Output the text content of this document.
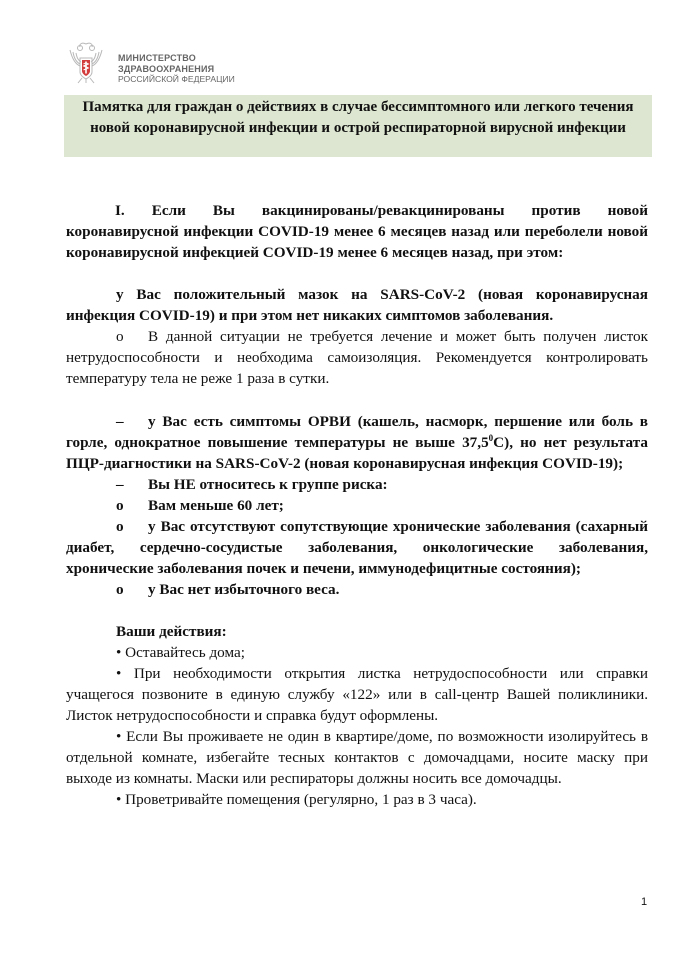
МИНИСТЕРСТВО
ЗДРАВООХРАНЕНИЯ
РОССИЙСКОЙ ФЕДЕРАЦИИ

Памятка для граждан о действиях в случае бессимптомного или легкого течения новой коронавирусной инфекции и острой респираторной вирусной инфекции

I. Если Вы вакцинированы/ревакцинированы против новой коронавирусной инфекции COVID-19 менее 6 месяцев назад или переболели новой коронавирусной инфекцией COVID-19 менее 6 месяцев назад, при этом:

у Вас положительный мазок на SARS-CoV-2 (новая коронавирусная инфекция COVID-19) и при этом нет никаких симптомов заболевания.

o В данной ситуации не требуется лечение и может быть получен листок нетрудоспособности и необходима самоизоляция. Рекомендуется контролировать температуру тела не реже 1 раза в сутки.

– у Вас есть симптомы ОРВИ (кашель, насморк, першение или боль в горле, однократное повышение температуры не выше 37,5$^0$С), но нет результата ПЦР-диагностики на SARS-CoV-2 (новая коронавирусная инфекция COVID-19);

– Вы НЕ относитесь к группе риска:

o Вам меньше 60 лет;

o у Вас отсутствуют сопутствующие хронические заболевания (сахарный диабет, сердечно-сосудистые заболевания, онкологические заболевания, хронические заболевания почек и печени, иммунодефицитные состояния);

o у Вас нет избыточного веса.

Ваши действия:

• Оставайтесь дома;

• При необходимости открытия листка нетрудоспособности или справки учащегося позвоните в единую службу «122» или в call-центр Вашей поликлиники. Листок нетрудоспособности и справка будут оформлены.

• Если Вы проживаете не один в квартире/доме, по возможности изолируйтесь в отдельной комнате, избегайте тесных контактов с домочадцами, носите маску при выходе из комнаты. Маски или респираторы должны носить все домочадцы.

• Проветривайте помещения (регулярно, 1 раз в 3 часа).

1
